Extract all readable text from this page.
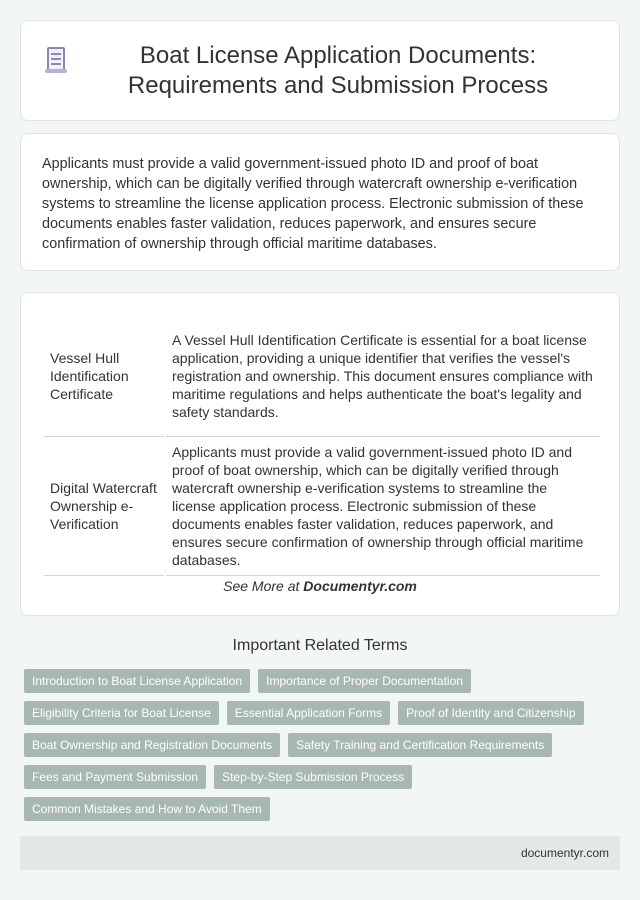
Boat License Application Documents: Requirements and Submission Process

Applicants must provide a valid government-issued photo ID and proof of boat ownership, which can be digitally verified through watercraft ownership e-verification systems to streamline the license application process. Electronic submission of these documents enables faster validation, reduces paperwork, and ensures secure confirmation of ownership through official maritime databases.

Vessel Hull Identification Certificate	A Vessel Hull Identification Certificate is essential for a boat license application, providing a unique identifier that verifies the vessel's registration and ownership. This document ensures compliance with maritime regulations and helps authenticate the boat's legality and safety standards.
Digital Watercraft Ownership e-Verification	Applicants must provide a valid government-issued photo ID and proof of boat ownership, which can be digitally verified through watercraft ownership e-verification systems to streamline the license application process. Electronic submission of these documents enables faster validation, reduces paperwork, and ensures secure confirmation of ownership through official maritime databases.
See More at Documentyr.com
Important Related Terms
Introduction to Boat License Application	Importance of Proper Documentation
Eligibility Criteria for Boat License	Essential Application Forms	Proof of Identity and Citizenship
Boat Ownership and Registration Documents	Safety Training and Certification Requirements
Fees and Payment Submission	Step-by-Step Submission Process
Common Mistakes and How to Avoid Them
documentyr.com
